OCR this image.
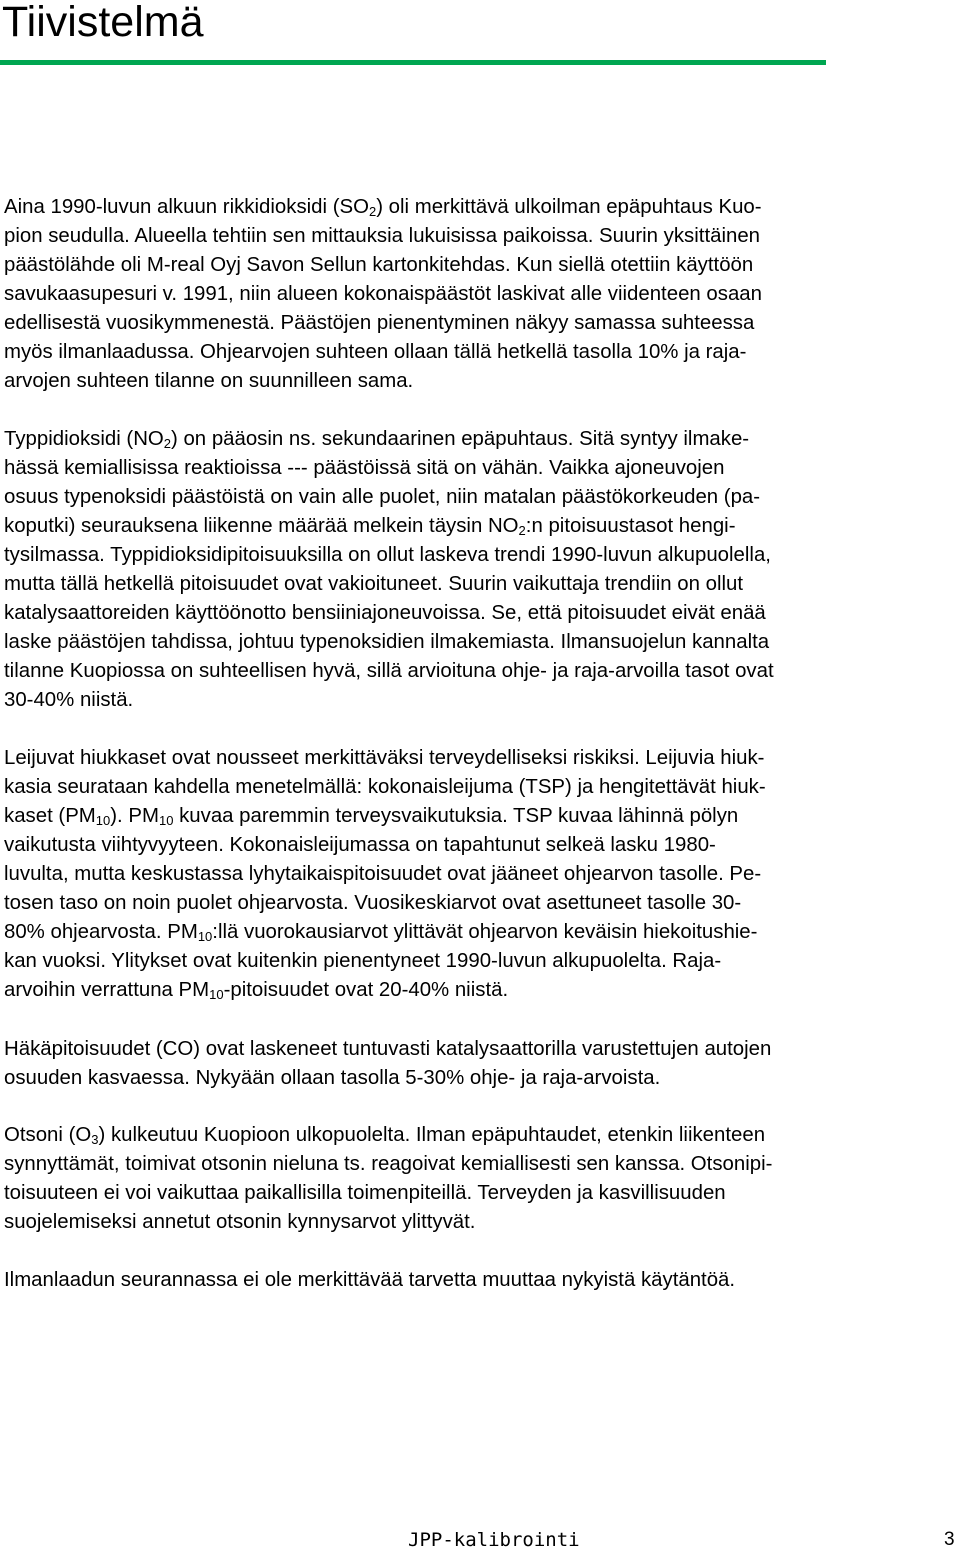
Tiivistelmä
Aina 1990-luvun alkuun rikkidioksidi $(SO_2)$ oli merkittävä ulkoilman epäpuhtaus Kuo-
pion seudulla. Alueella tehtiin sen mittauksia lukuisissa paikoissa. Suurin yksittäinen
päästölähde oli M-real Oyj Savon Sellun kartonkitehdas. Kun siellä otettiin käyttöön
savukaasupesuri v. 1991, niin alueen kokonaispäästöt laskivat alle viidenteen osaan
edellisestä vuosikymmenestä. Päästöjen pienentyminen näkyy samassa suhteessa
myös ilmanlaadussa. Ohjearvojen suhteen ollaan tällä hetkellä tasolla 10% ja raja-
arvojen suhteen tilanne on suunnilleen sama.
Typpidioksidi $(NO_2)$ on pääosin ns. sekundaarinen epäpuhtaus. Sitä syntyy ilmake-
hässä kemiallisissa reaktioissa --- päästöissä sitä on vähän. Vaikka ajoneuvojen
osuus typenoksidi päästöistä on vain alle puolet, niin matalan päästökorkeuden (pa-
koputki) seurauksena liikenne määrää melkein täysin $NO_2:n$ pitoisuustasot hengi-
tysilmassa. Typpidioksidipitoisuuksilla on ollut laskeva trendi 1990-luvun alkupuolella,
mutta tällä hetkellä pitoisuudet ovat vakioituneet. Suurin vaikuttaja trendiin on ollut
katalysaattoreiden käyttöönotto bensiiniajoneuvoissa. Se, että pitoisuudet eivät enää
laske päästöjen tahdissa, johtuu typenoksidien ilmakemiasta. Ilmansuojelun kannalta
tilanne Kuopiossa on suhteellisen hyvä, sillä arvioituna ohje- ja raja-arvoilla tasot ovat
30-40% niistä.
Leijuvat hiukkaset ovat nousseet merkittäväksi terveydelliseksi riskiksi. Leijuvia hiuk-
kasia seurataan kahdella menetelmällä: kokonaisleijuma (TSP) ja hengitettävät hiuk-
kaset $(PM_{10})$. $PM_{10}$ kuvaa paremmin terveysvaikutuksia. TSP kuvaa lähinnä pölyn
vaikutusta viihtyvyyteen. Kokonaisleijumassa on tapahtunut selkeä lasku 1980-
luvulta, mutta keskustassa lyhytaikaispitoisuudet ovat jääneet ohjearvon tasolle. Pe-
tosen taso on noin puolet ohjearvosta. Vuosikeskiarvot ovat asettuneet tasolle 30-
80% ohjearvosta. $PM_{10}:llä$ vuorokausiarvot ylittävät ohjearvon keväisin hiekoitushie-
kan vuoksi. Ylitykset ovat kuitenkin pienentyneet 1990-luvun alkupuolelta. Raja-
arvoihin verrattuna $PM_{10}$-pitoisuudet ovat 20-40% niistä.
Häkäpitoisuudet (CO) ovat laskeneet tuntuvasti katalysaattorilla varustettujen autojen
osuuden kasvaessa. Nykyään ollaan tasolla 5-30% ohje- ja raja-arvoista.
Otsoni $(O_3)$ kulkeutuu Kuopioon ulkopuolelta. Ilman epäpuhtaudet, etenkin liikenteen
synnyttämät, toimivat otsonin nieluna ts. reagoivat kemiallisesti sen kanssa. Otsonipi-
toisuuteen ei voi vaikuttaa paikallisilla toimenpiteillä. Terveyden ja kasvillisuuden
suojelemiseksi annetut otsonin kynnysarvot ylittyvät.
Ilmanlaadun seurannassa ei ole merkittävää tarvetta muuttaa nykyistä käytäntöä.
JPP-kalibrointi	3
